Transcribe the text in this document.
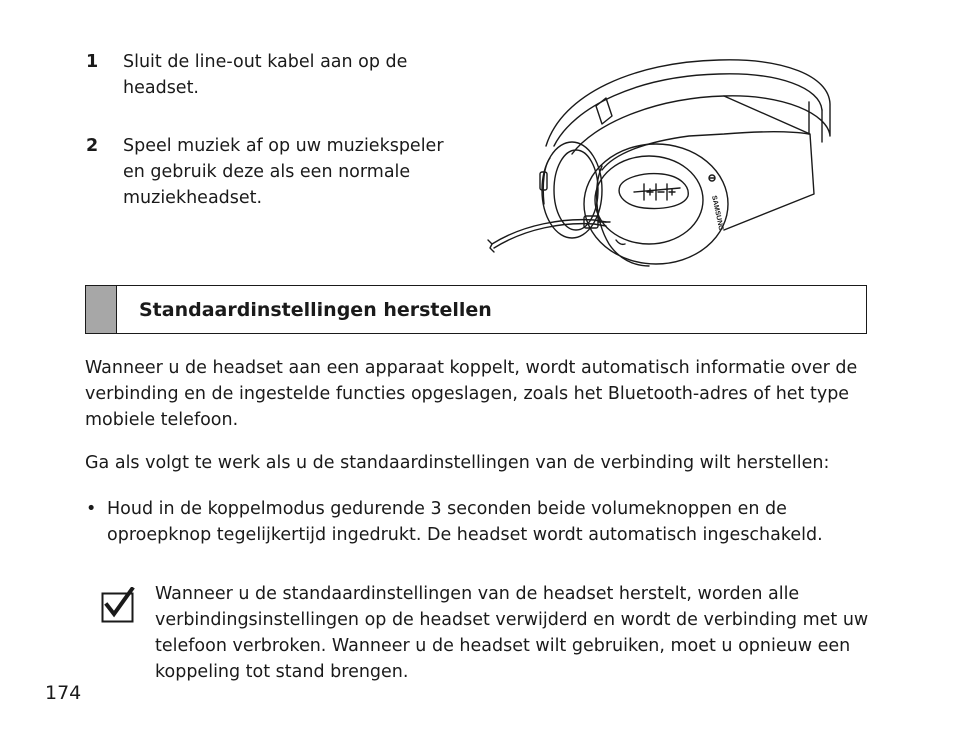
1	Sluit de line-out kabel aan op de headset.
2	Speel muziek af op uw muziekspeler en gebruik deze als een normale muziekheadset.	SAMSUNG
Standaardinstellingen herstellen
Wanneer u de headset aan een apparaat koppelt, wordt automatisch informatie over de verbinding en de ingestelde functies opgeslagen, zoals het Bluetooth-adres of het type mobiele telefoon.
Ga als volgt te werk als u de standaardinstellingen van de verbinding wilt herstellen:
• Houd in de koppelmodus gedurende 3 seconden beide volumeknoppen en de oproepknop tegelijkertijd ingedrukt. De headset wordt automatisch ingeschakeld.
Wanneer u de standaardinstellingen van de headset herstelt, worden alle verbindingsinstellingen op de headset verwijderd en wordt de verbinding met uw telefoon verbroken. Wanneer u de headset wilt gebruiken, moet u opnieuw een koppeling tot stand brengen.
174
